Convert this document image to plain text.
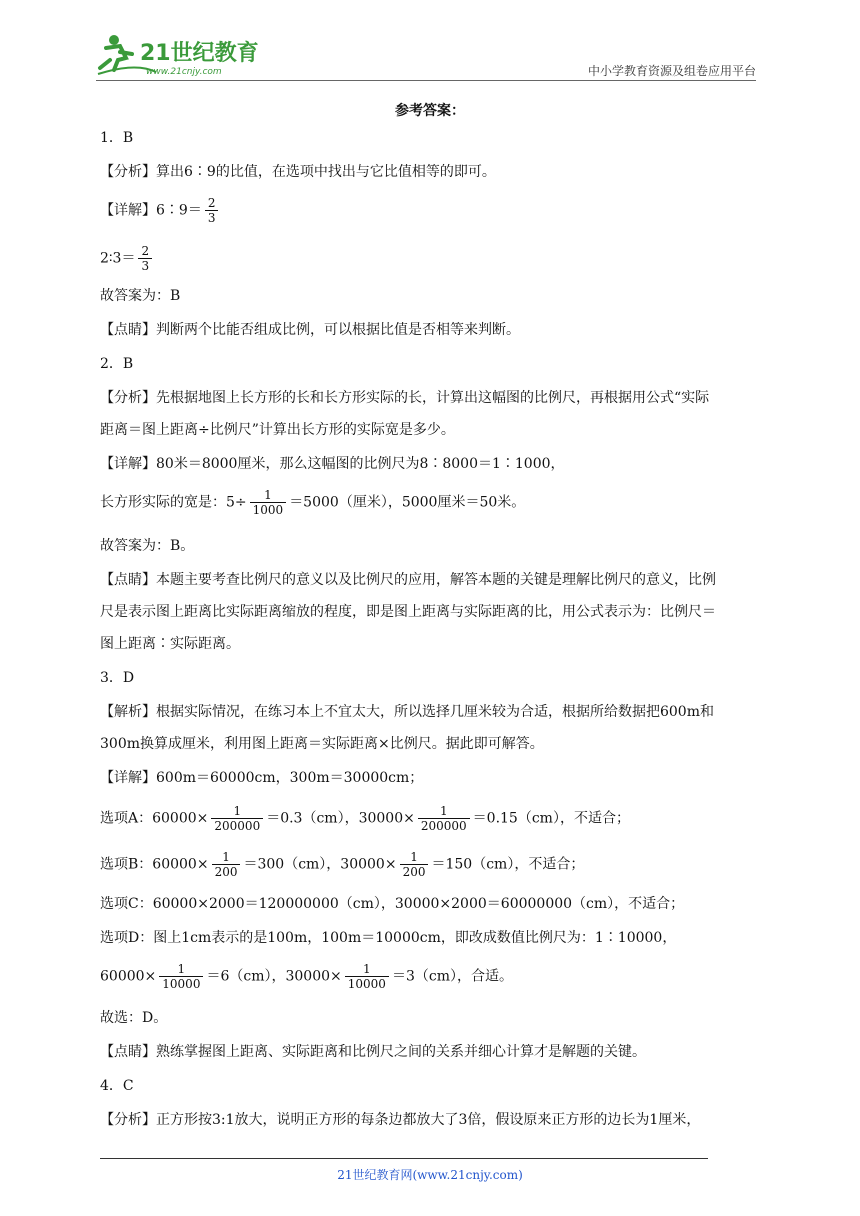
21世纪教育
www.21cnjy.com	中小学教育资源及组卷应用平台
参考答案：
1．B
【分析】算出6∶9的比值，在选项中找出与它比值相等的即可。
【详解】6∶9＝ $\frac{2}{3}$
2∶3＝ $\frac{2}{3}$
故答案为：B
【点睛】判断两个比能否组成比例，可以根据比值是否相等来判断。
2．B
【分析】先根据地图上长方形的长和长方形实际的长，计算出这幅图的比例尺，再根据用公式“实际
距离＝图上距离÷比例尺”计算出长方形的实际宽是多少。
【详解】80米＝8000厘米，那么这幅图的比例尺为8∶8000＝1∶1000，
长方形实际的宽是：$5\div \frac{1}{1000} =5000$（厘米），5000厘米＝50米。
故答案为：B。
【点睛】本题主要考查比例尺的意义以及比例尺的应用，解答本题的关键是理解比例尺的意义，比例
尺是表示图上距离比实际距离缩放的程度，即是图上距离与实际距离的比，用公式表示为：比例尺＝
图上距离∶实际距离。
3．D
【解析】根据实际情况，在练习本上不宜太大，所以选择几厘米较为合适，根据所给数据把600m和
300m换算成厘米，利用图上距离＝实际距离×比例尺。据此即可解答。
【详解】600m＝60000cm，300m＝30000cm；
选项A：$60000\times \frac{1}{200000} =0.3(cm)$，$30000\times \frac{1}{200000} =0.15(cm)$，不适合；
选项B：$60000\times \frac{1}{200} =300(cm)$，$30000\times \frac{1}{200} =150(cm)$，不适合；
选项C：60000×2000＝120000000（cm），30000×2000＝60000000（cm），不适合；
选项D：图上1cm表示的是100m，100m＝10000cm，即改成数值比例尺为：1∶10000，
$60000\times \frac{1}{10000} =6(cm)$，$30000\times \frac{1}{10000} =3(cm)$，合适。
故选：D。
【点睛】熟练掌握图上距离、实际距离和比例尺之间的关系并细心计算才是解题的关键。
4．C
【分析】正方形按3:1放大，说明正方形的每条边都放大了3倍，假设原来正方形的边长为1厘米，
21世纪教育网(www.21cnjy.com)
